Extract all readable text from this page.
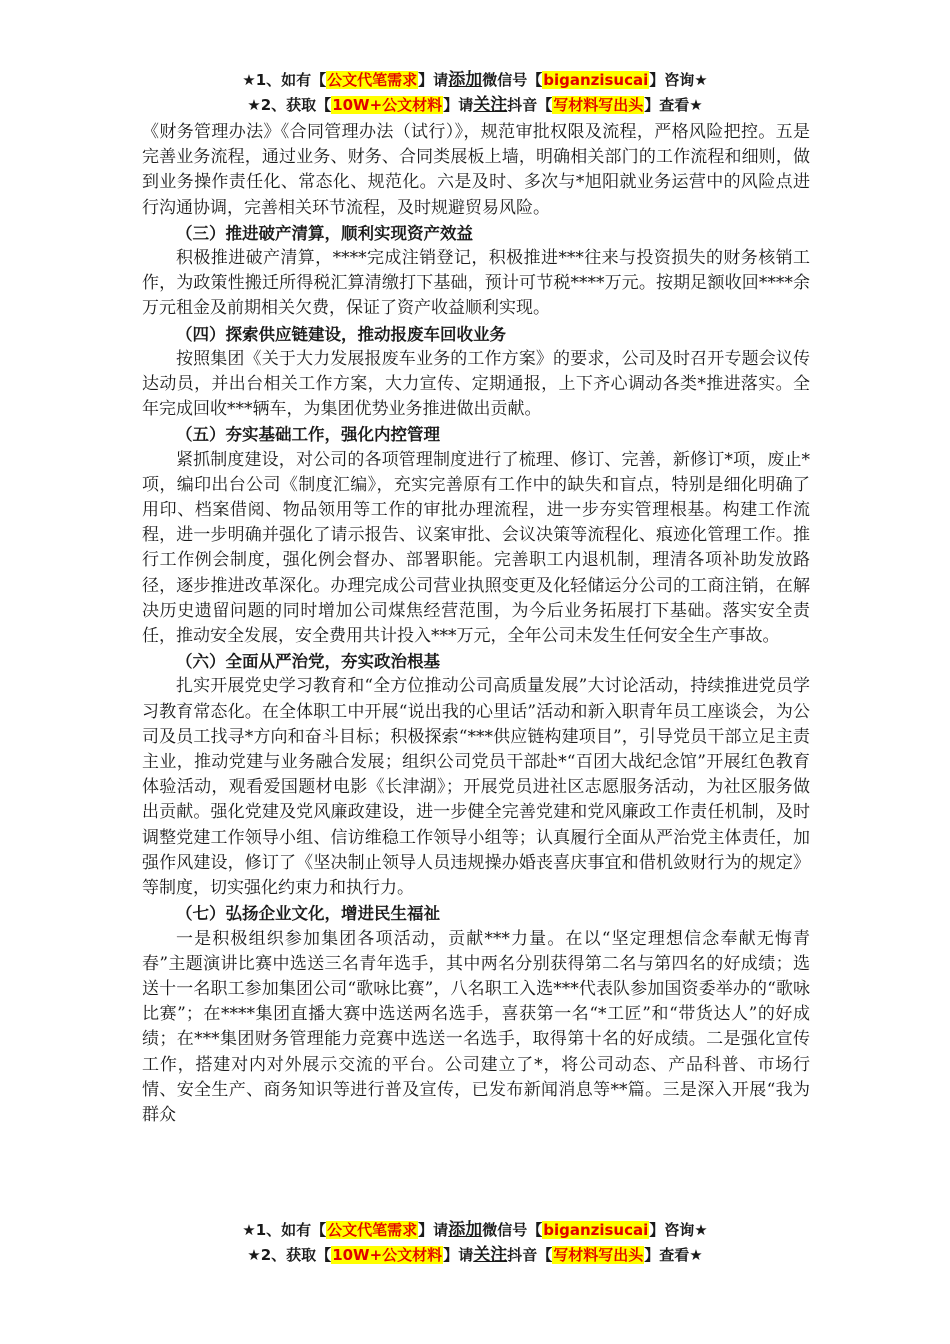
★1、如有【公文代笔需求】请添加微信号【biganzisucai】咨询★
★2、获取【10W+公文材料】请关注抖音【写材料写出头】查看★

《财务管理办法》《合同管理办法（试行）》，规范审批权限及流程，严格风险把控。五是完善业务流程，通过业务、财务、合同类展板上墙，明确相关部门的工作流程和细则，做到业务操作责任化、常态化、规范化。六是及时、多次与*旭阳就业务运营中的风险点进行沟通协调，完善相关环节流程，及时规避贸易风险。

（三）推进破产清算，顺利实现资产效益

积极推进破产清算，****完成注销登记，积极推进***往来与投资损失的财务核销工作，为政策性搬迁所得税汇算清缴打下基础，预计可节税****万元。按期足额收回****余万元租金及前期相关欠费，保证了资产收益顺利实现。

（四）探索供应链建设，推动报废车回收业务

按照集团《关于大力发展报废车业务的工作方案》的要求，公司及时召开专题会议传达动员，并出台相关工作方案，大力宣传、定期通报，上下齐心调动各类*推进落实。全年完成回收***辆车，为集团优势业务推进做出贡献。

（五）夯实基础工作，强化内控管理

紧抓制度建设，对公司的各项管理制度进行了梳理、修订、完善，新修订*项，废止*项，编印出台公司《制度汇编》，充实完善原有工作中的缺失和盲点，特别是细化明确了用印、档案借阅、物品领用等工作的审批办理流程，进一步夯实管理根基。构建工作流程，进一步明确并强化了请示报告、议案审批、会议决策等流程化、痕迹化管理工作。推行工作例会制度，强化例会督办、部署职能。完善职工内退机制，理清各项补助发放路径，逐步推进改革深化。办理完成公司营业执照变更及化轻储运分公司的工商注销，在解决历史遗留问题的同时增加公司煤焦经营范围，为今后业务拓展打下基础。落实安全责任，推动安全发展，安全费用共计投入***万元，全年公司未发生任何安全生产事故。

（六）全面从严治党，夯实政治根基

扎实开展党史学习教育和“全方位推动公司高质量发展”大讨论活动，持续推进党员学习教育常态化。在全体职工中开展“说出我的心里话”活动和新入职青年员工座谈会，为公司及员工找寻*方向和奋斗目标；积极探索“***供应链构建项目”，引导党员干部立足主责主业，推动党建与业务融合发展；组织公司党员干部赴*“百团大战纪念馆”开展红色教育体验活动，观看爱国题材电影《长津湖》；开展党员进社区志愿服务活动，为社区服务做出贡献。强化党建及党风廉政建设，进一步健全完善党建和党风廉政工作责任机制，及时调整党建工作领导小组、信访维稳工作领导小组等；认真履行全面从严治党主体责任，加强作风建设，修订了《坚决制止领导人员违规操办婚丧喜庆事宜和借机敛财行为的规定》等制度，切实强化约束力和执行力。

（七）弘扬企业文化，增进民生福祉

一是积极组织参加集团各项活动，贡献***力量。在以“坚定理想信念奉献无悔青春”主题演讲比赛中选送三名青年选手，其中两名分别获得第二名与第四名的好成绩；选送十一名职工参加集团公司“歌咏比赛”，八名职工入选***代表队参加国资委举办的“歌咏比赛”；在****集团直播大赛中选送两名选手，喜获第一名“*工匠”和“带货达人”的好成绩；在***集团财务管理能力竞赛中选送一名选手，取得第十名的好成绩。二是强化宣传工作，搭建对内对外展示交流的平台。公司建立了*，将公司动态、产品科普、市场行情、安全生产、商务知识等进行普及宣传，已发布新闻消息等**篇。三是深入开展“我为群众

★1、如有【公文代笔需求】请添加微信号【biganzisucai】咨询★
★2、获取【10W+公文材料】请关注抖音【写材料写出头】查看★
